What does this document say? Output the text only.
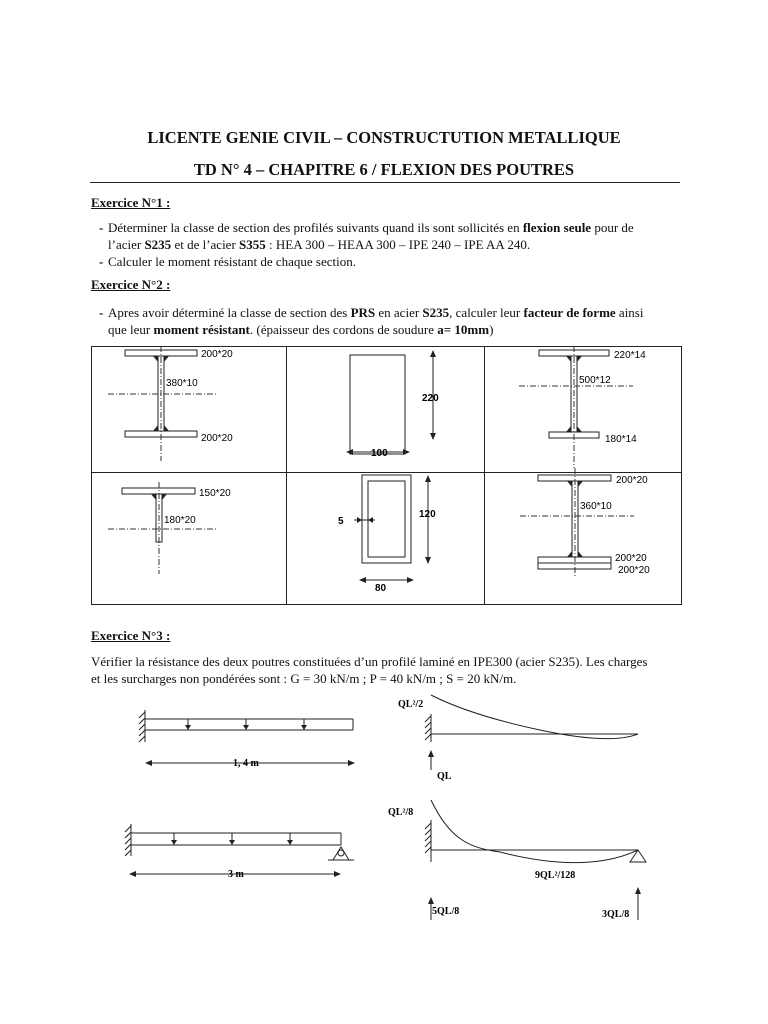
LICENTE GENIE CIVIL – CONSTRUCTUTION METALLIQUE
TD N° 4 – CHAPITRE 6 / FLEXION DES POUTRES
Exercice N°1 :
- Déterminer la classe de section des profilés suivants quand ils sont sollicités en flexion seule pour de
l’acier S235 et de l’acier S355 : HEA 300 – HEAA 300 – IPE 240 – IPE AA 240.
- Calculer le moment résistant de chaque section.
Exercice N°2 :
- Apres avoir déterminé la classe de section des PRS en acier S235, calculer leur facteur de forme ainsi
que leur moment résistant. (épaisseur des cordons de soudure a= 10mm)
200*20
380*10
200*20
220
100
220*14
500*12
180*14
150*20
180*20
120
5
80
200*20
360*10
200*20
200*20
Exercice N°3 :
Vérifier la résistance des deux poutres constituées d’un profilé laminé en IPE300 (acier S235). Les charges
et les surcharges non pondérées sont : G = 30 kN/m ; P = 40 kN/m ; S = 20 kN/m.
1, 4 m
QL²/2
QL
3 m
QL²/8
9QL²/128
5QL/8	3QL/8
